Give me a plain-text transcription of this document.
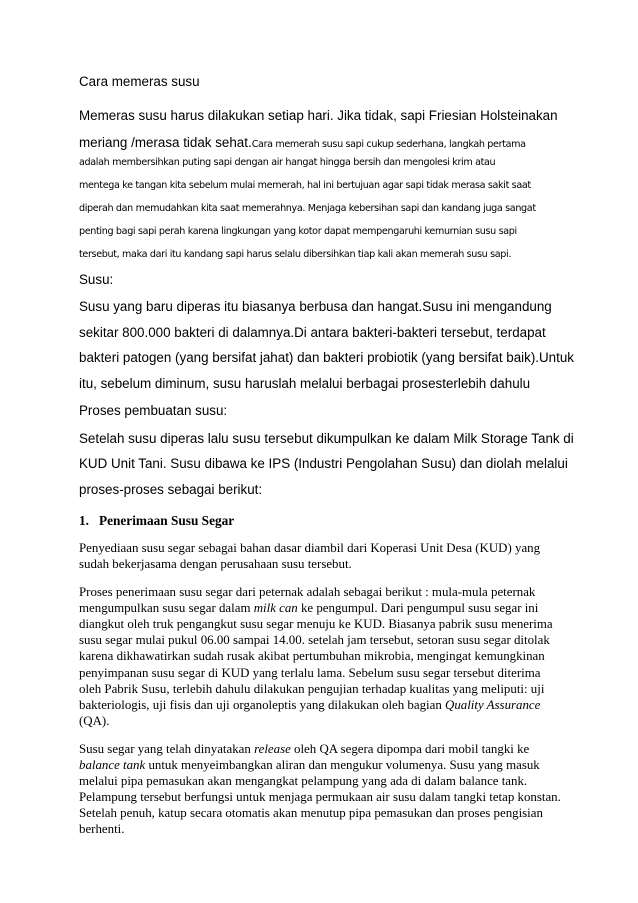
Cara memeras susu
Memeras susu harus dilakukan setiap hari. Jika tidak, sapi Friesian Holsteinakan
meriang /merasa tidak sehat.Cara memerah susu sapi cukup sederhana, langkah pertama
adalah membersihkan puting sapi dengan air hangat hingga bersih dan mengolesi krim atau
mentega ke tangan kita sebelum mulai memerah, hal ini bertujuan agar sapi tidak merasa sakit saat
diperah dan memudahkan kita saat memerahnya. Menjaga kebersihan sapi dan kandang juga sangat
penting bagi sapi perah karena lingkungan yang kotor dapat mempengaruhi kemurnian susu sapi
tersebut, maka dari itu kandang sapi harus selalu dibersihkan tiap kali akan memerah susu sapi.
Susu:
Susu yang baru diperas itu biasanya berbusa dan hangat.Susu ini mengandung
sekitar 800.000 bakteri di dalamnya.Di antara bakteri-bakteri tersebut, terdapat
bakteri patogen (yang bersifat jahat) dan bakteri probiotik (yang bersifat baik).Untuk
itu, sebelum diminum, susu haruslah melalui berbagai prosesterlebih dahulu
Proses pembuatan susu:
Setelah susu diperas lalu susu tersebut dikumpulkan ke dalam Milk Storage Tank di
KUD Unit Tani. Susu dibawa ke IPS (Industri Pengolahan Susu) dan diolah melalui
proses-proses sebagai berikut:
1. Penerimaan Susu Segar
Penyediaan susu segar sebagai bahan dasar diambil dari Koperasi Unit Desa (KUD) yang
sudah bekerjasama dengan perusahaan susu tersebut.
Proses penerimaan susu segar dari peternak adalah sebagai berikut : mula-mula peternak
mengumpulkan susu segar dalam milk can ke pengumpul. Dari pengumpul susu segar ini
diangkut oleh truk pengangkut susu segar menuju ke KUD. Biasanya pabrik susu menerima
susu segar mulai pukul 06.00 sampai 14.00. setelah jam tersebut, setoran susu segar ditolak
karena dikhawatirkan sudah rusak akibat pertumbuhan mikrobia, mengingat kemungkinan
penyimpanan susu segar di KUD yang terlalu lama. Sebelum susu segar tersebut diterima
oleh Pabrik Susu, terlebih dahulu dilakukan pengujian terhadap kualitas yang meliputi: uji
bakteriologis, uji fisis dan uji organoleptis yang dilakukan oleh bagian Quality Assurance
(QA).
Susu segar yang telah dinyatakan release oleh QA segera dipompa dari mobil tangki ke
balance tank untuk menyeimbangkan aliran dan mengukur volumenya. Susu yang masuk
melalui pipa pemasukan akan mengangkat pelampung yang ada di dalam balance tank.
Pelampung tersebut berfungsi untuk menjaga permukaan air susu dalam tangki tetap konstan.
Setelah penuh, katup secara otomatis akan menutup pipa pemasukan dan proses pengisian
berhenti.
